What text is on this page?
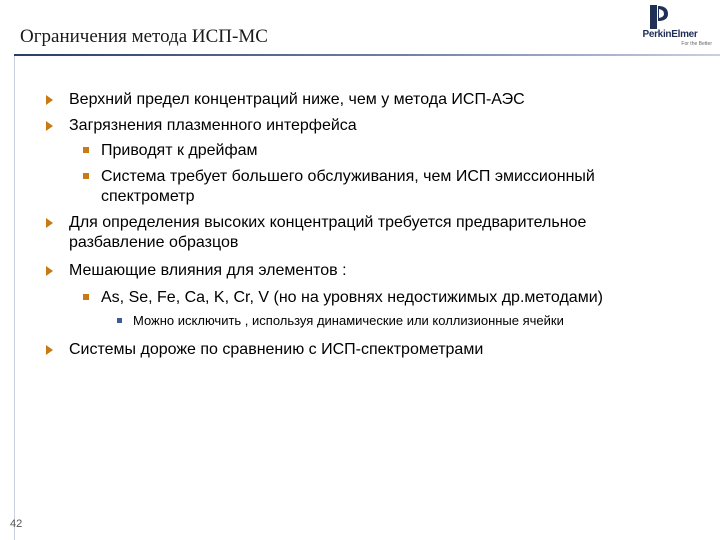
Ограничения метода ИСП-МС	PerkinElmer
For the Better
Верхний предел концентраций ниже, чем у метода ИСП-АЭС
Загрязнения плазменного интерфейса
Приводят к дрейфам
Система требует большего обслуживания, чем ИСП эмиссионный
спектрометр
Для определения высоких концентраций требуется предварительное
разбавление образцов
Мешающие влияния для элементов :
As, Se, Fe, Ca, K, Cr, V (но на уровнях недостижимых др.методами)
Можно исключить , используя динамические или коллизионные ячейки
Системы дороже по сравнению с ИСП-спектрометрами
42
